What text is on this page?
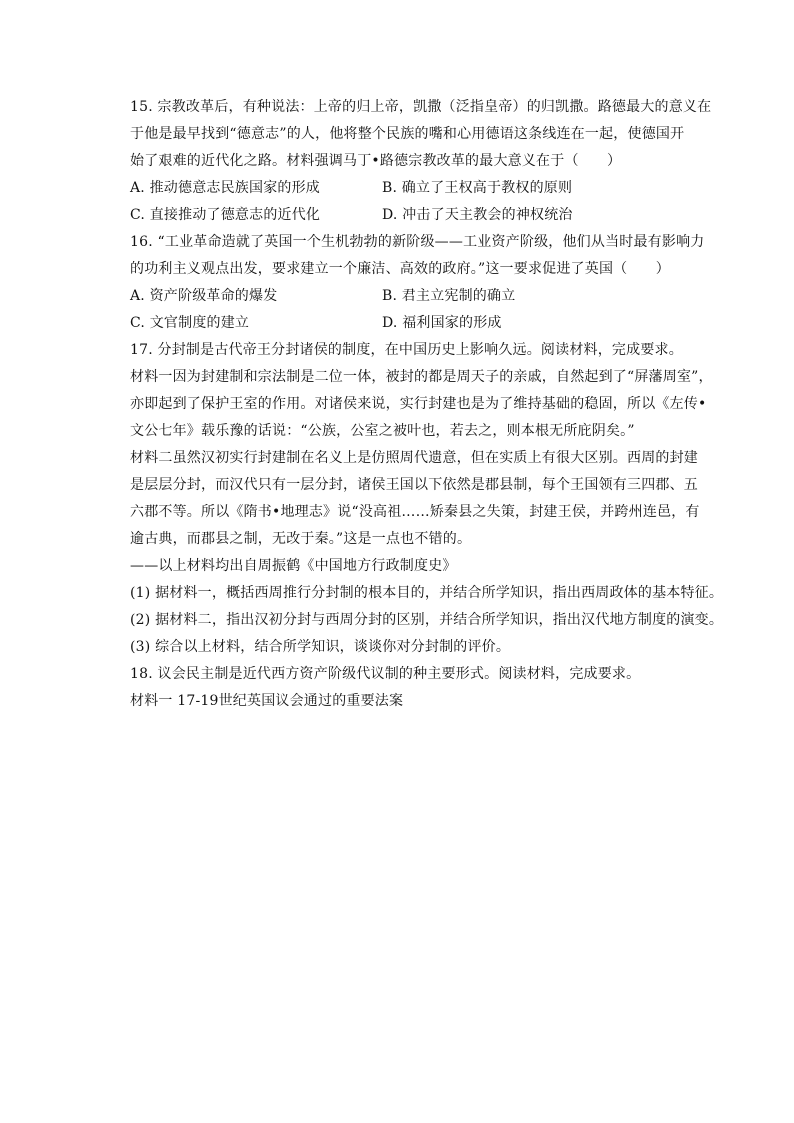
15. 宗教改革后，有种说法：上帝的归上帝，凯撒（泛指皇帝）的归凯撒。路德最大的意义在
于他是最早找到“德意志”的人，他将整个民族的嘴和心用德语这条线连在一起，使德国开
始了艰难的近代化之路。材料强调马丁•路德宗教改革的最大意义在于（　　）
A. 推动德意志民族国家的形成	B. 确立了王权高于教权的原则
C. 直接推动了德意志的近代化	D. 冲击了天主教会的神权统治
16. “工业革命造就了英国一个生机勃勃的新阶级——工业资产阶级，他们从当时最有影响力
的功利主义观点出发，要求建立一个廉洁、高效的政府。”这一要求促进了英国（　　）
A. 资产阶级革命的爆发	B. 君主立宪制的确立
C. 文官制度的建立	D. 福利国家的形成
17. 分封制是古代帝王分封诸侯的制度，在中国历史上影响久远。阅读材料，完成要求。
材料一因为封建制和宗法制是二位一体，被封的都是周天子的亲戚，自然起到了“屏藩周室”，
亦即起到了保护王室的作用。对诸侯来说，实行封建也是为了维持基础的稳固，所以《左传•
文公七年》载乐豫的话说：“公族，公室之被叶也，若去之，则本根无所庇阴矣。”
材料二虽然汉初实行封建制在名义上是仿照周代遗意，但在实质上有很大区别。西周的封建
是层层分封，而汉代只有一层分封，诸侯王国以下依然是郡县制，每个王国领有三四郡、五
六郡不等。所以《隋书•地理志》说“没高祖……矫秦县之失策，封建王侯，并跨州连邑，有
逾古典，而郡县之制，无改于秦。”这是一点也不错的。
——以上材料均出自周振鹤《中国地方行政制度史》
(1) 据材料一，概括西周推行分封制的根本目的，并结合所学知识，指出西周政体的基本特征。
(2) 据材料二，指出汉初分封与西周分封的区别，并结合所学知识，指出汉代地方制度的演变。
(3) 综合以上材料，结合所学知识，谈谈你对分封制的评价。
18. 议会民主制是近代西方资产阶级代议制的种主要形式。阅读材料，完成要求。
材料一 17-19世纪英国议会通过的重要法案
